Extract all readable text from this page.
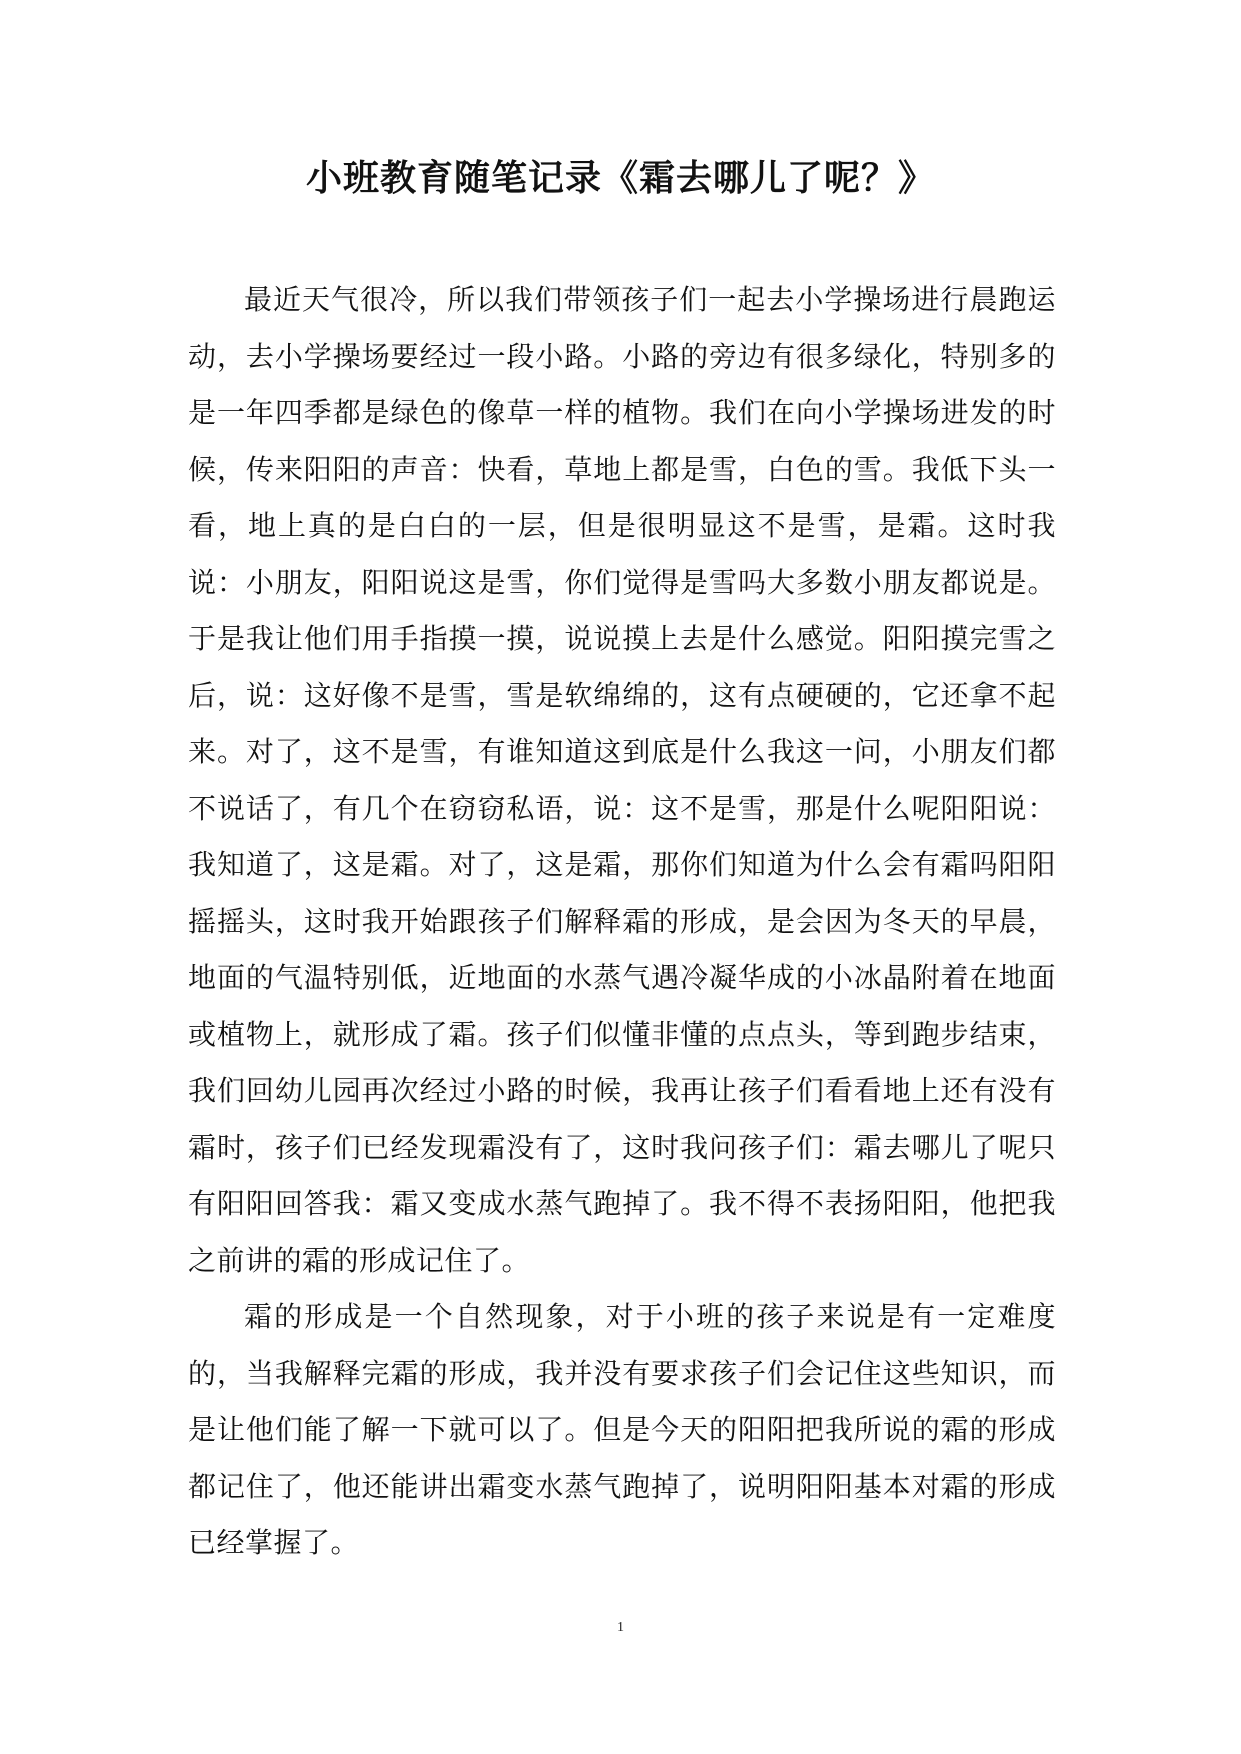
小班教育随笔记录《霜去哪儿了呢？》

最近天气很冷，所以我们带领孩子们一起去小学操场进行晨跑运动，去小学操场要经过一段小路。小路的旁边有很多绿化，特别多的是一年四季都是绿色的像草一样的植物。我们在向小学操场进发的时候，传来阳阳的声音：快看，草地上都是雪，白色的雪。我低下头一看，地上真的是白白的一层，但是很明显这不是雪，是霜。这时我说：小朋友，阳阳说这是雪，你们觉得是雪吗大多数小朋友都说是。于是我让他们用手指摸一摸，说说摸上去是什么感觉。阳阳摸完雪之后，说：这好像不是雪，雪是软绵绵的，这有点硬硬的，它还拿不起来。对了，这不是雪，有谁知道这到底是什么我这一问，小朋友们都不说话了，有几个在窃窃私语，说：这不是雪，那是什么呢阳阳说：我知道了，这是霜。对了，这是霜，那你们知道为什么会有霜吗阳阳摇摇头，这时我开始跟孩子们解释霜的形成，是会因为冬天的早晨，地面的气温特别低，近地面的水蒸气遇冷凝华成的小冰晶附着在地面或植物上，就形成了霜。孩子们似懂非懂的点点头，等到跑步结束，我们回幼儿园再次经过小路的时候，我再让孩子们看看地上还有没有霜时，孩子们已经发现霜没有了，这时我问孩子们：霜去哪儿了呢只有阳阳回答我：霜又变成水蒸气跑掉了。我不得不表扬阳阳，他把我之前讲的霜的形成记住了。

霜的形成是一个自然现象，对于小班的孩子来说是有一定难度的，当我解释完霜的形成，我并没有要求孩子们会记住这些知识，而是让他们能了解一下就可以了。但是今天的阳阳把我所说的霜的形成都记住了，他还能讲出霜变水蒸气跑掉了，说明阳阳基本对霜的形成已经掌握了。

1
